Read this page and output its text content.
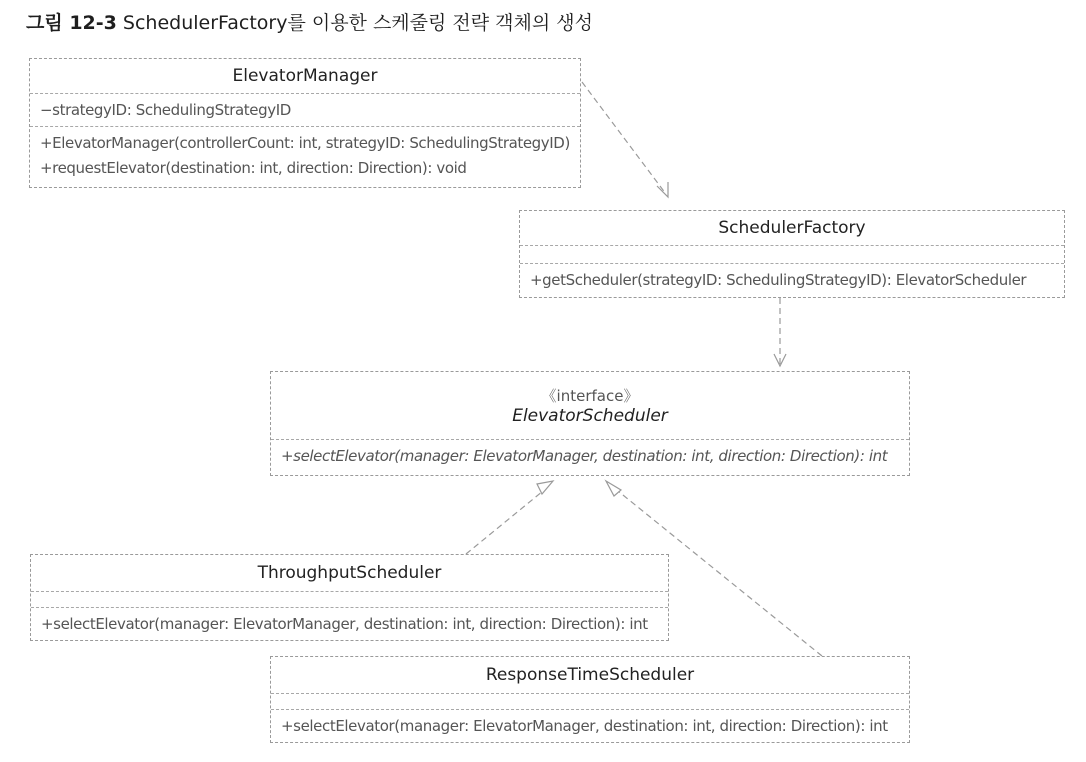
그림 12-3 SchedulerFactory를 이용한 스케줄링 전략 객체의 생성
ElevatorManager
−strategyID: SchedulingStrategyID
+ElevatorManager(controllerCount: int, strategyID: SchedulingStrategyID)
+requestElevator(destination: int, direction: Direction): void
SchedulerFactory
+getScheduler(strategyID: SchedulingStrategyID): ElevatorScheduler
《interface》
ElevatorScheduler
+selectElevator(manager: ElevatorManager, destination: int, direction: Direction): int
ThroughputScheduler
+selectElevator(manager: ElevatorManager, destination: int, direction: Direction): int
ResponseTimeScheduler
+selectElevator(manager: ElevatorManager, destination: int, direction: Direction): int
